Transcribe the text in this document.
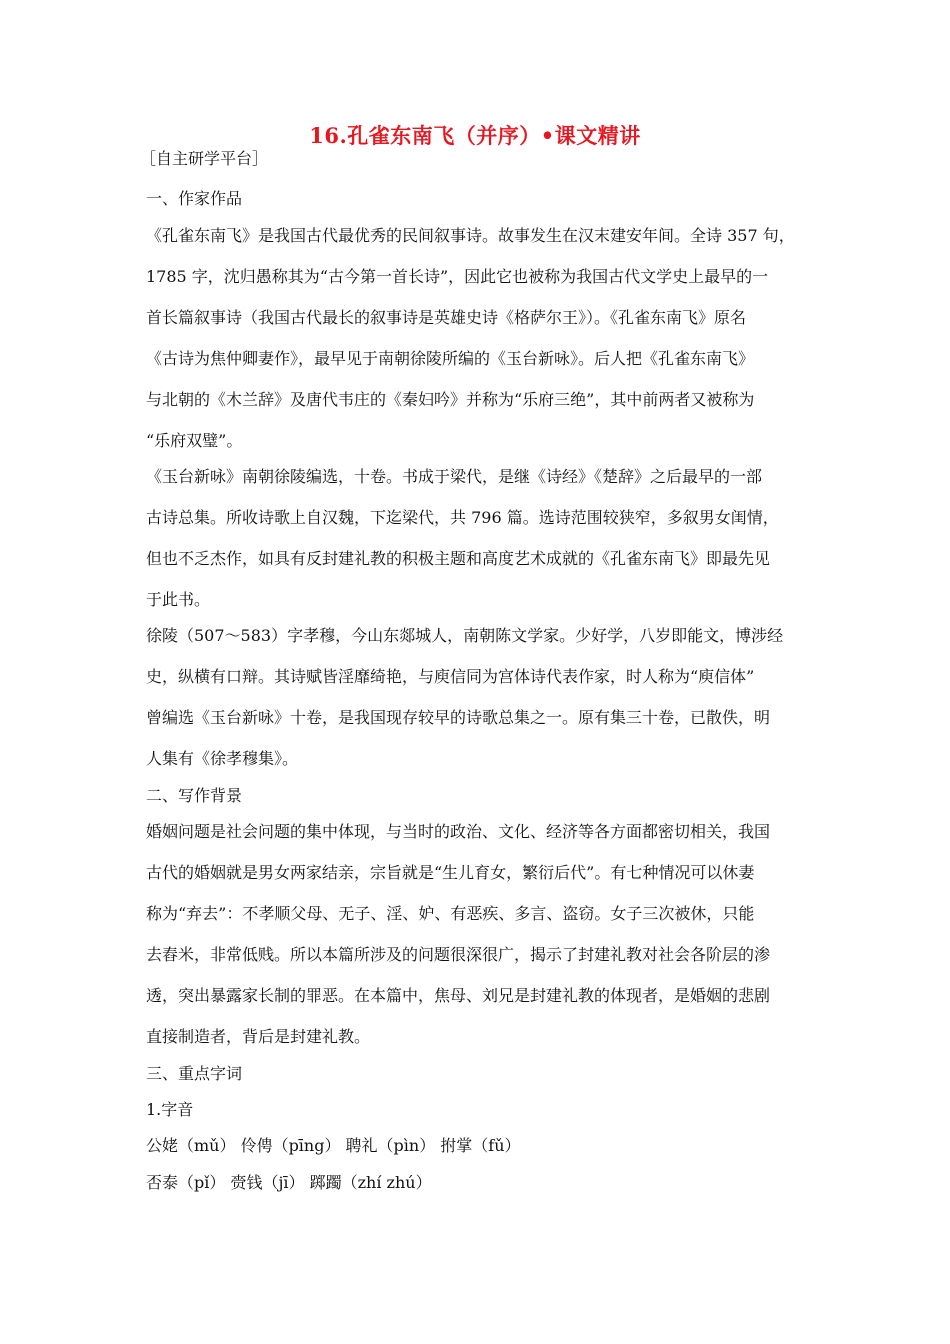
16.孔雀东南飞（并序）•课文精讲
［自主研学平台］
一、作家作品
《孔雀东南飞》是我国古代最优秀的民间叙事诗。故事发生在汉末建安年间。全诗 357 句，
1785 字，沈归愚称其为“古今第一首长诗”，因此它也被称为我国古代文学史上最早的一
首长篇叙事诗（我国古代最长的叙事诗是英雄史诗《格萨尔王》）。《孔雀东南飞》原名
《古诗为焦仲卿妻作》，最早见于南朝徐陵所编的《玉台新咏》。后人把《孔雀东南飞》
与北朝的《木兰辞》及唐代韦庄的《秦妇吟》并称为“乐府三绝”，其中前两者又被称为
“乐府双璧”。
《玉台新咏》南朝徐陵编选，十卷。书成于梁代，是继《诗经》《楚辞》之后最早的一部
古诗总集。所收诗歌上自汉魏，下迄梁代，共 796 篇。选诗范围较狭窄，多叙男女闺情，
但也不乏杰作，如具有反封建礼教的积极主题和高度艺术成就的《孔雀东南飞》即最先见
于此书。
徐陵（507～583）字孝穆，今山东郯城人，南朝陈文学家。少好学，八岁即能文，博涉经
史，纵横有口辩。其诗赋皆淫靡绮艳，与庾信同为宫体诗代表作家，时人称为“庾信体”
曾编选《玉台新咏》十卷，是我国现存较早的诗歌总集之一。原有集三十卷，已散佚，明
人集有《徐孝穆集》。
二、写作背景
婚姻问题是社会问题的集中体现，与当时的政治、文化、经济等各方面都密切相关，我国
古代的婚姻就是男女两家结亲，宗旨就是“生儿育女，繁衍后代”。有七种情况可以休妻
称为“弃去”：不孝顺父母、无子、淫、妒、有恶疾、多言、盗窃。女子三次被休，只能
去舂米，非常低贱。所以本篇所涉及的问题很深很广，揭示了封建礼教对社会各阶层的渗
透，突出暴露家长制的罪恶。在本篇中，焦母、刘兄是封建礼教的体现者，是婚姻的悲剧
直接制造者，背后是封建礼教。
三、重点字词
1.字音
公姥（mǔ） 伶俜（pīng） 聘礼（pìn） 拊掌（fǔ）
否泰（pǐ） 赍钱（jī） 踯躅（zhí zhú）
